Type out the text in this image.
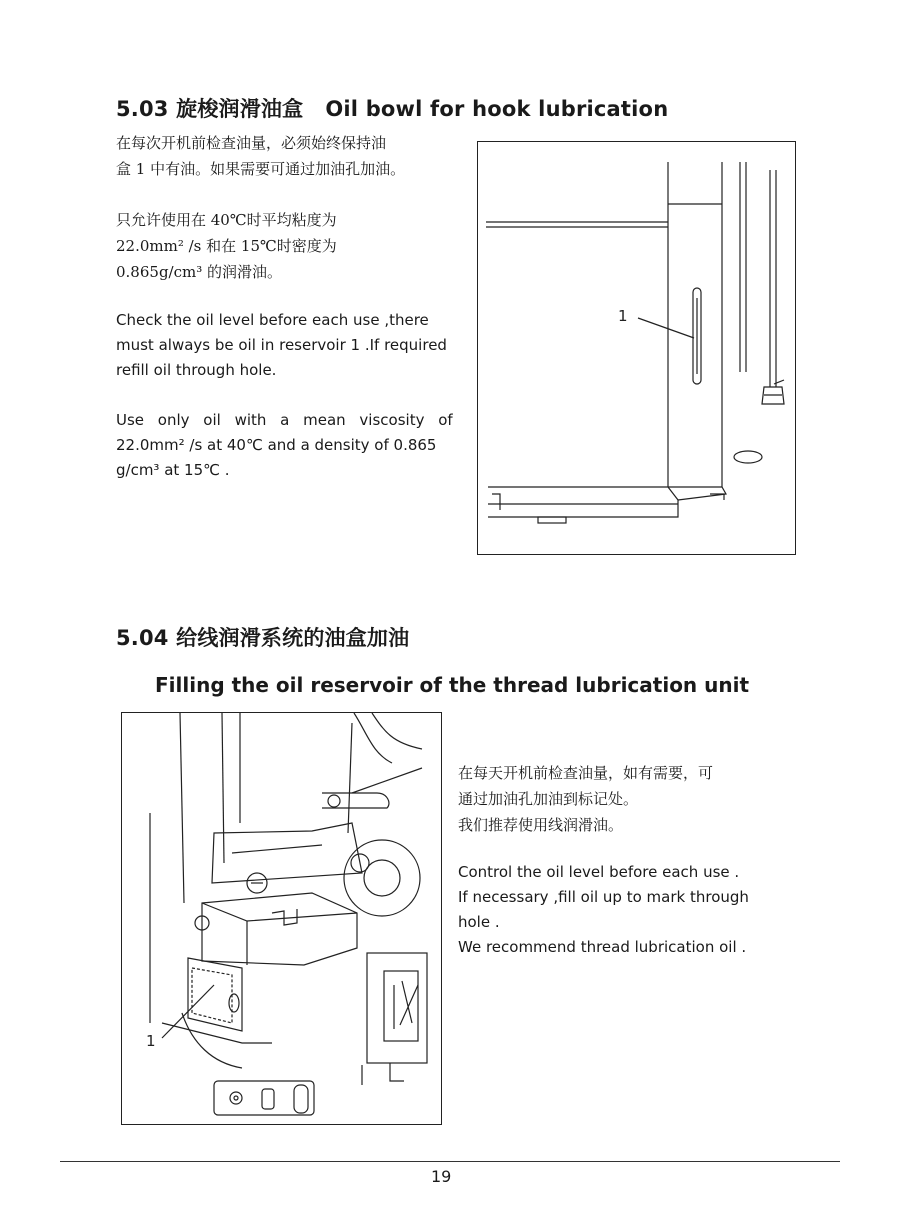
5.03 旋梭润滑油盒 Oil bowl for hook lubrication
在每次开机前检查油量，必须始终保持油
盒 1 中有油。如果需要可通过加油孔加油。
只允许使用在 40℃时平均粘度为
22.0mm² /s 和在 15℃时密度为
0.865g/cm³ 的润滑油。
Check the oil level before each use ,there
must always be oil in reservoir 1 .If required
refill oil through hole.
Use only oil with a mean viscosity of
22.0mm² /s at 40℃ and a density of 0.865
g/cm³ at 15℃ .
1
5.04 给线润滑系统的油盒加油
Filling the oil reservoir of the thread lubrication unit
1
在每天开机前检查油量，如有需要，可
通过加油孔加油到标记处。
我们推荐使用线润滑油。
Control the oil level before each use .
If necessary ,fill oil up to mark through
hole .
We recommend thread lubrication oil .
19
